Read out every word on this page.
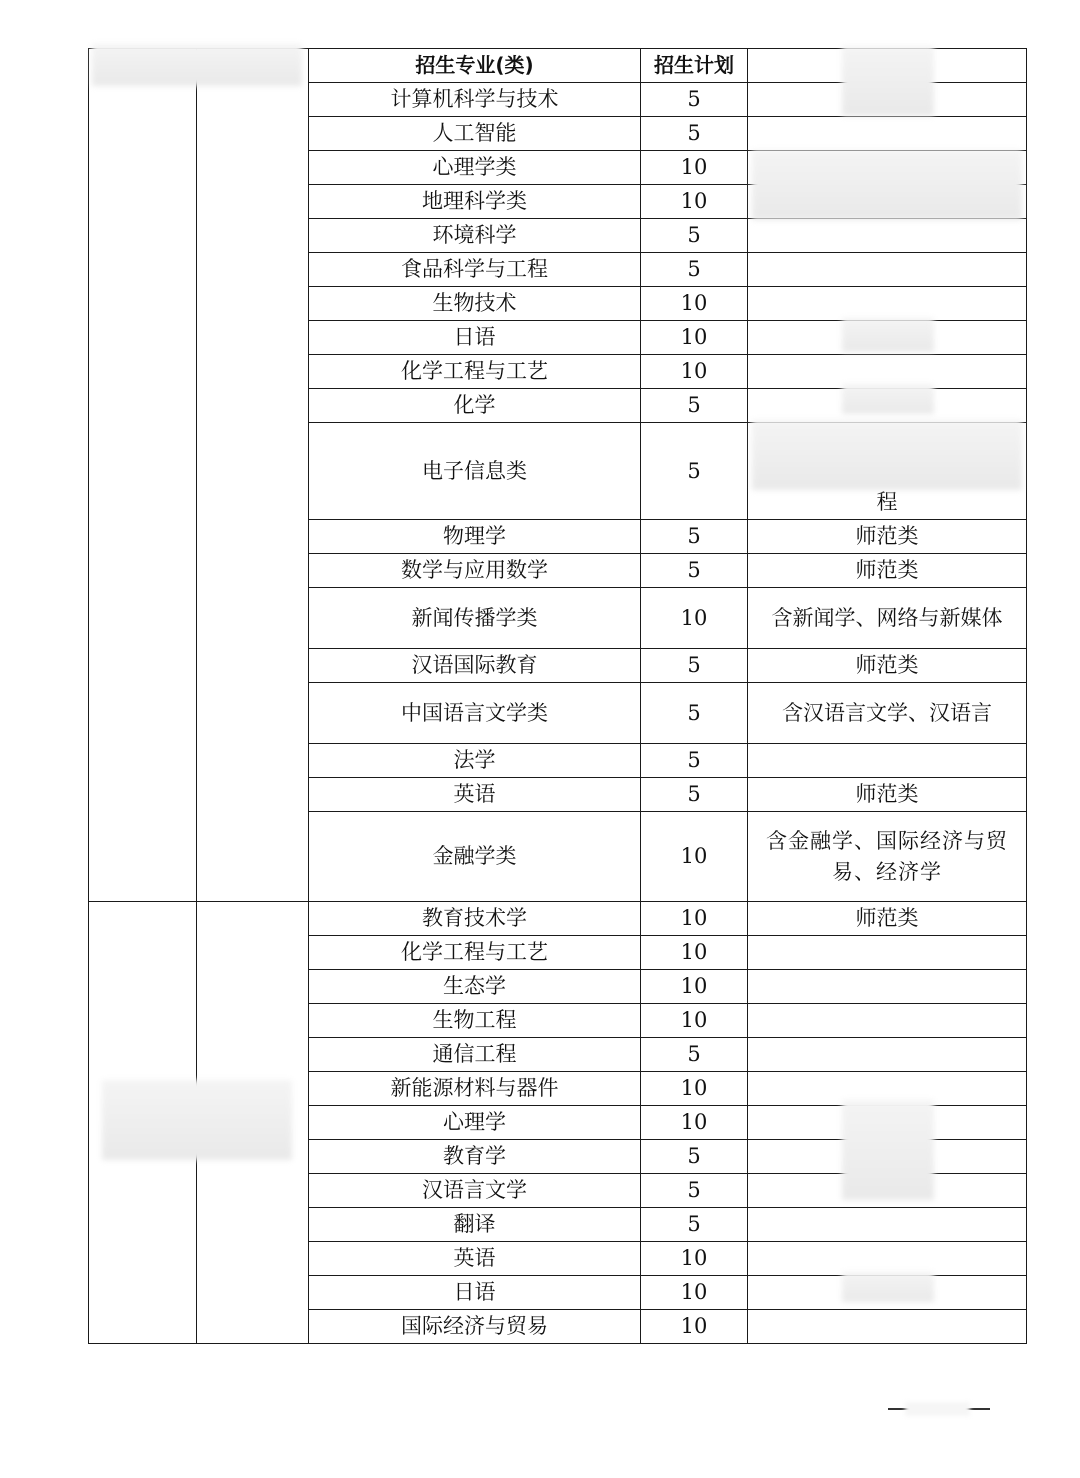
		招生专业(类)	招生计划	
		计算机科学与技术	5	
		人工智能	5	
		心理学类	10	
		地理科学类	10	
		环境科学	5	
		食品科学与工程	5	
		生物技术	10	
		日语	10	
		化学工程与工艺	10	
		化学	5	
		电子信息类	5	程
		物理学	5	师范类
		数学与应用数学	5	师范类
		新闻传播学类	10	含新闻学、网络与新媒体
		汉语国际教育	5	师范类
		中国语言文学类	5	含汉语言文学、汉语言
		法学	5	
		英语	5	师范类
		金融学类	10	含金融学、国际经济与贸易、经济学
		教育技术学	10	师范类
		化学工程与工艺	10	
		生态学	10	
		生物工程	10	
		通信工程	5	
		新能源材料与器件	10	
		心理学	10	
		教育学	5	
		汉语言文学	5	
		翻译	5	
		英语	10	
		日语	10	
		国际经济与贸易	10	
